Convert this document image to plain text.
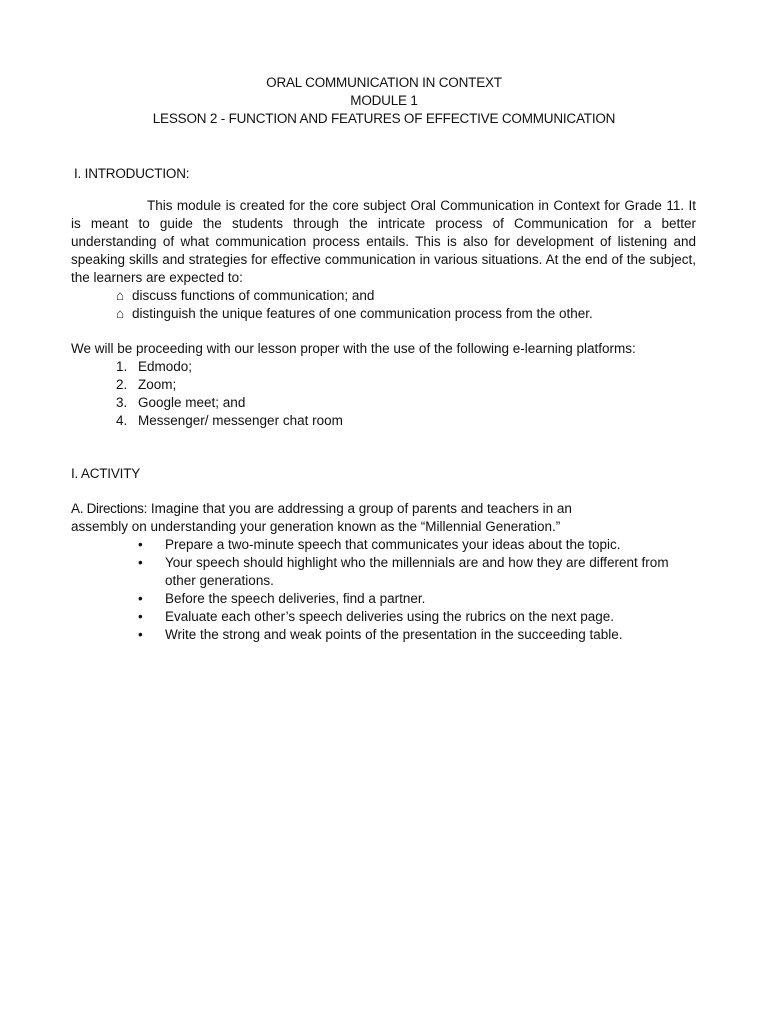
ORAL COMMUNICATION IN CONTEXT
MODULE 1
LESSON 2 - FUNCTION AND FEATURES OF EFFECTIVE COMMUNICATION
I. INTRODUCTION:
This module is created for the core subject Oral Communication in Context for Grade 11. It is meant to guide the students through the intricate process of Communication for a better understanding of what communication process entails. This is also for development of listening and speaking skills and strategies for effective communication in various situations. At the end of the subject, the learners are expected to:
⌂ discuss functions of communication; and
⌂ distinguish the unique features of one communication process from the other.
We will be proceeding with our lesson proper with the use of the following e-learning platforms:
1. Edmodo;
2. Zoom;
3. Google meet; and
4. Messenger/ messenger chat room
I. ACTIVITY
A. Directions: Imagine that you are addressing a group of parents and teachers in an
assembly on understanding your generation known as the “Millennial Generation.”
•	Prepare a two-minute speech that communicates your ideas about the topic.
•	Your speech should highlight who the millennials are and how they are different from other generations.
•	Before the speech deliveries, find a partner.
•	Evaluate each other’s speech deliveries using the rubrics on the next page.
•	Write the strong and weak points of the presentation in the succeeding table.
